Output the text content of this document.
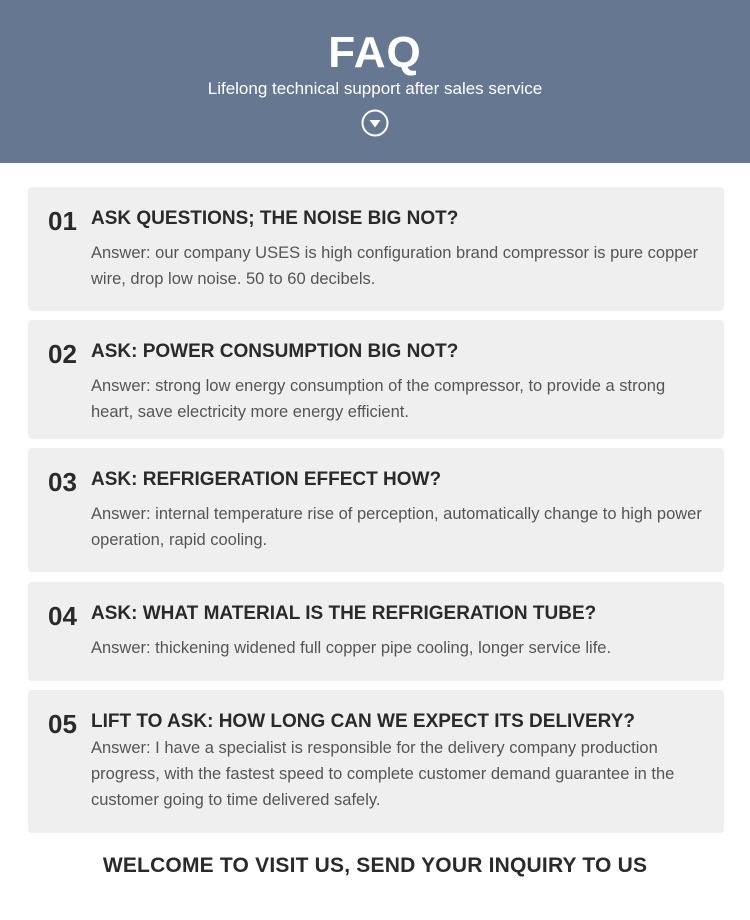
FAQ
Lifelong technical support after sales service
01 ASK QUESTIONS; THE NOISE BIG NOT?
Answer: our company USES is high configuration brand compressor is pure copper wire, drop low noise. 50 to 60 decibels.
02 ASK: POWER CONSUMPTION BIG NOT?
Answer: strong low energy consumption of the compressor, to provide a strong heart, save electricity more energy efficient.
03 ASK: REFRIGERATION EFFECT HOW?
Answer: internal temperature rise of perception, automatically change to high power operation, rapid cooling.
04 ASK: WHAT MATERIAL IS THE REFRIGERATION TUBE?
Answer: thickening widened full copper pipe cooling, longer service life.
05 LIFT TO ASK: HOW LONG CAN WE EXPECT ITS DELIVERY?
Answer: I have a specialist is responsible for the delivery company production progress, with the fastest speed to complete customer demand guarantee in the customer going to time delivered safely.
WELCOME TO VISIT US, SEND YOUR INQUIRY TO US
